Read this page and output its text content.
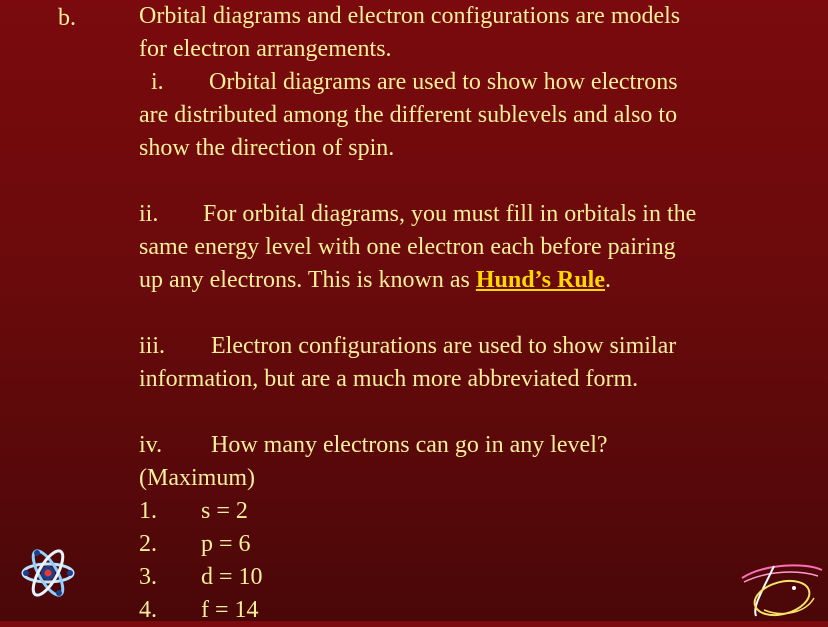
b.	Orbital diagrams and electron configurations are models
for electron arrangements.
i. Orbital diagrams are used to show how electrons
are distributed among the different sublevels and also to
show the direction of spin.
ii. For orbital diagrams, you must fill in orbitals in the
same energy level with one electron each before pairing
up any electrons. This is known as Hund’s Rule.
iii. Electron configurations are used to show similar
information, but are a much more abbreviated form.
iv. How many electrons can go in any level?
(Maximum)
1. s = 2
2. p = 6
3. d = 10
4. f = 14
